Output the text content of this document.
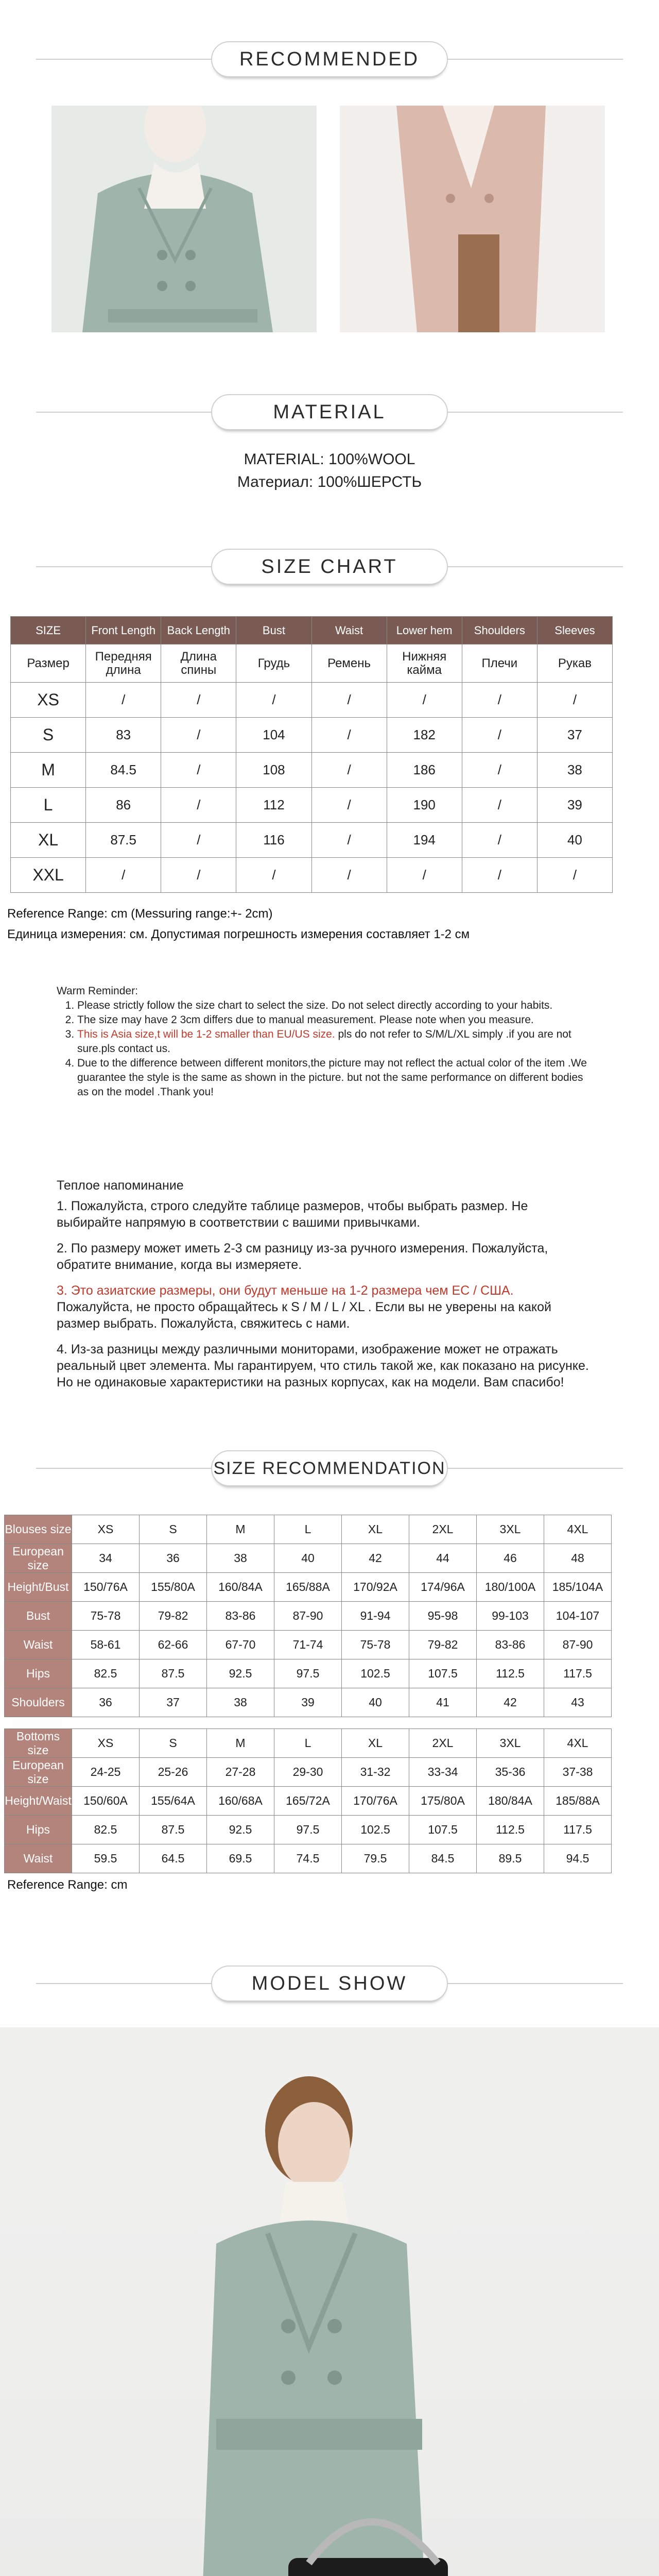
RECOMMENDED
MATERIAL
MATERIAL: 100%WOOL
Материал: 100%ШЕРСТЬ
SIZE CHART
SIZE	Front Length	Back Length	Bust	Waist	Lower hem	Shoulders	Sleeves
Размер	Передняя длина	Длина спины	Грудь	Ремень	Нижняя кайма	Плечи	Рукав
XS	/	/	/	/	/	/	/
S	83	/	104	/	182	/	37
M	84.5	/	108	/	186	/	38
L	86	/	112	/	190	/	39
XL	87.5	/	116	/	194	/	40
XXL	/	/	/	/	/	/	/
Reference Range: cm (Messuring range:+- 2cm)
Единица измерения: см. Допустимая погрешность измерения составляет 1-2 см
Warm Reminder:
1. Please strictly follow the size chart to select the size. Do not select directly according to your habits.
2. The size may have 2 3cm differs due to manual measurement. Please note when you measure.
3. This is Asia size,t will be 1-2 smaller than EU/US size. pls do not refer to S/M/L/XL simply .if you are not sure.pls contact us.
4. Due to the difference between different monitors,the picture may not reflect the actual color of the item .We guarantee the style is the same as shown in the picture. but not the same performance on different bodies as on the model .Thank you!

Теплое напоминание

1. Пожалуйста, строго следуйте таблице размеров, чтобы выбрать размер. Не выбирайте напрямую в соответствии с вашими привычками.

2. По размеру может иметь 2-3 см разницу из-за ручного измерения. Пожалуйста, обратите внимание, когда вы измеряете.

3. Это азиатские размеры, они будут меньше на 1-2 размера чем ЕС / США.
Пожалуйста, не просто обращайтесь к S / M / L / XL . Если вы не уверены на какой размер выбрать. Пожалуйста, свяжитесь с нами.

4. Из-за разницы между различными мониторами, изображение может не отражать реальный цвет элемента. Мы гарантируем, что стиль такой же, как показано на рисунке. Но не одинаковые характеристики на разных корпусах, как на модели. Вам спасибо!

SIZE RECOMMENDATION
Blouses size	XS	S	M	L	XL	2XL	3XL	4XL
European size	34	36	38	40	42	44	46	48
Height/Bust	150/76A	155/80A	160/84A	165/88A	170/92A	174/96A	180/100A	185/104A
Bust	75-78	79-82	83-86	87-90	91-94	95-98	99-103	104-107
Waist	58-61	62-66	67-70	71-74	75-78	79-82	83-86	87-90
Hips	82.5	87.5	92.5	97.5	102.5	107.5	112.5	117.5
Shoulders	36	37	38	39	40	41	42	43
Bottoms size	XS	S	M	L	XL	2XL	3XL	4XL
European size	24-25	25-26	27-28	29-30	31-32	33-34	35-36	37-38
Height/Waist	150/60A	155/64A	160/68A	165/72A	170/76A	175/80A	180/84A	185/88A
Hips	82.5	87.5	92.5	97.5	102.5	107.5	112.5	117.5
Waist	59.5	64.5	69.5	74.5	79.5	84.5	89.5	94.5
Reference Range: cm
MODEL SHOW
